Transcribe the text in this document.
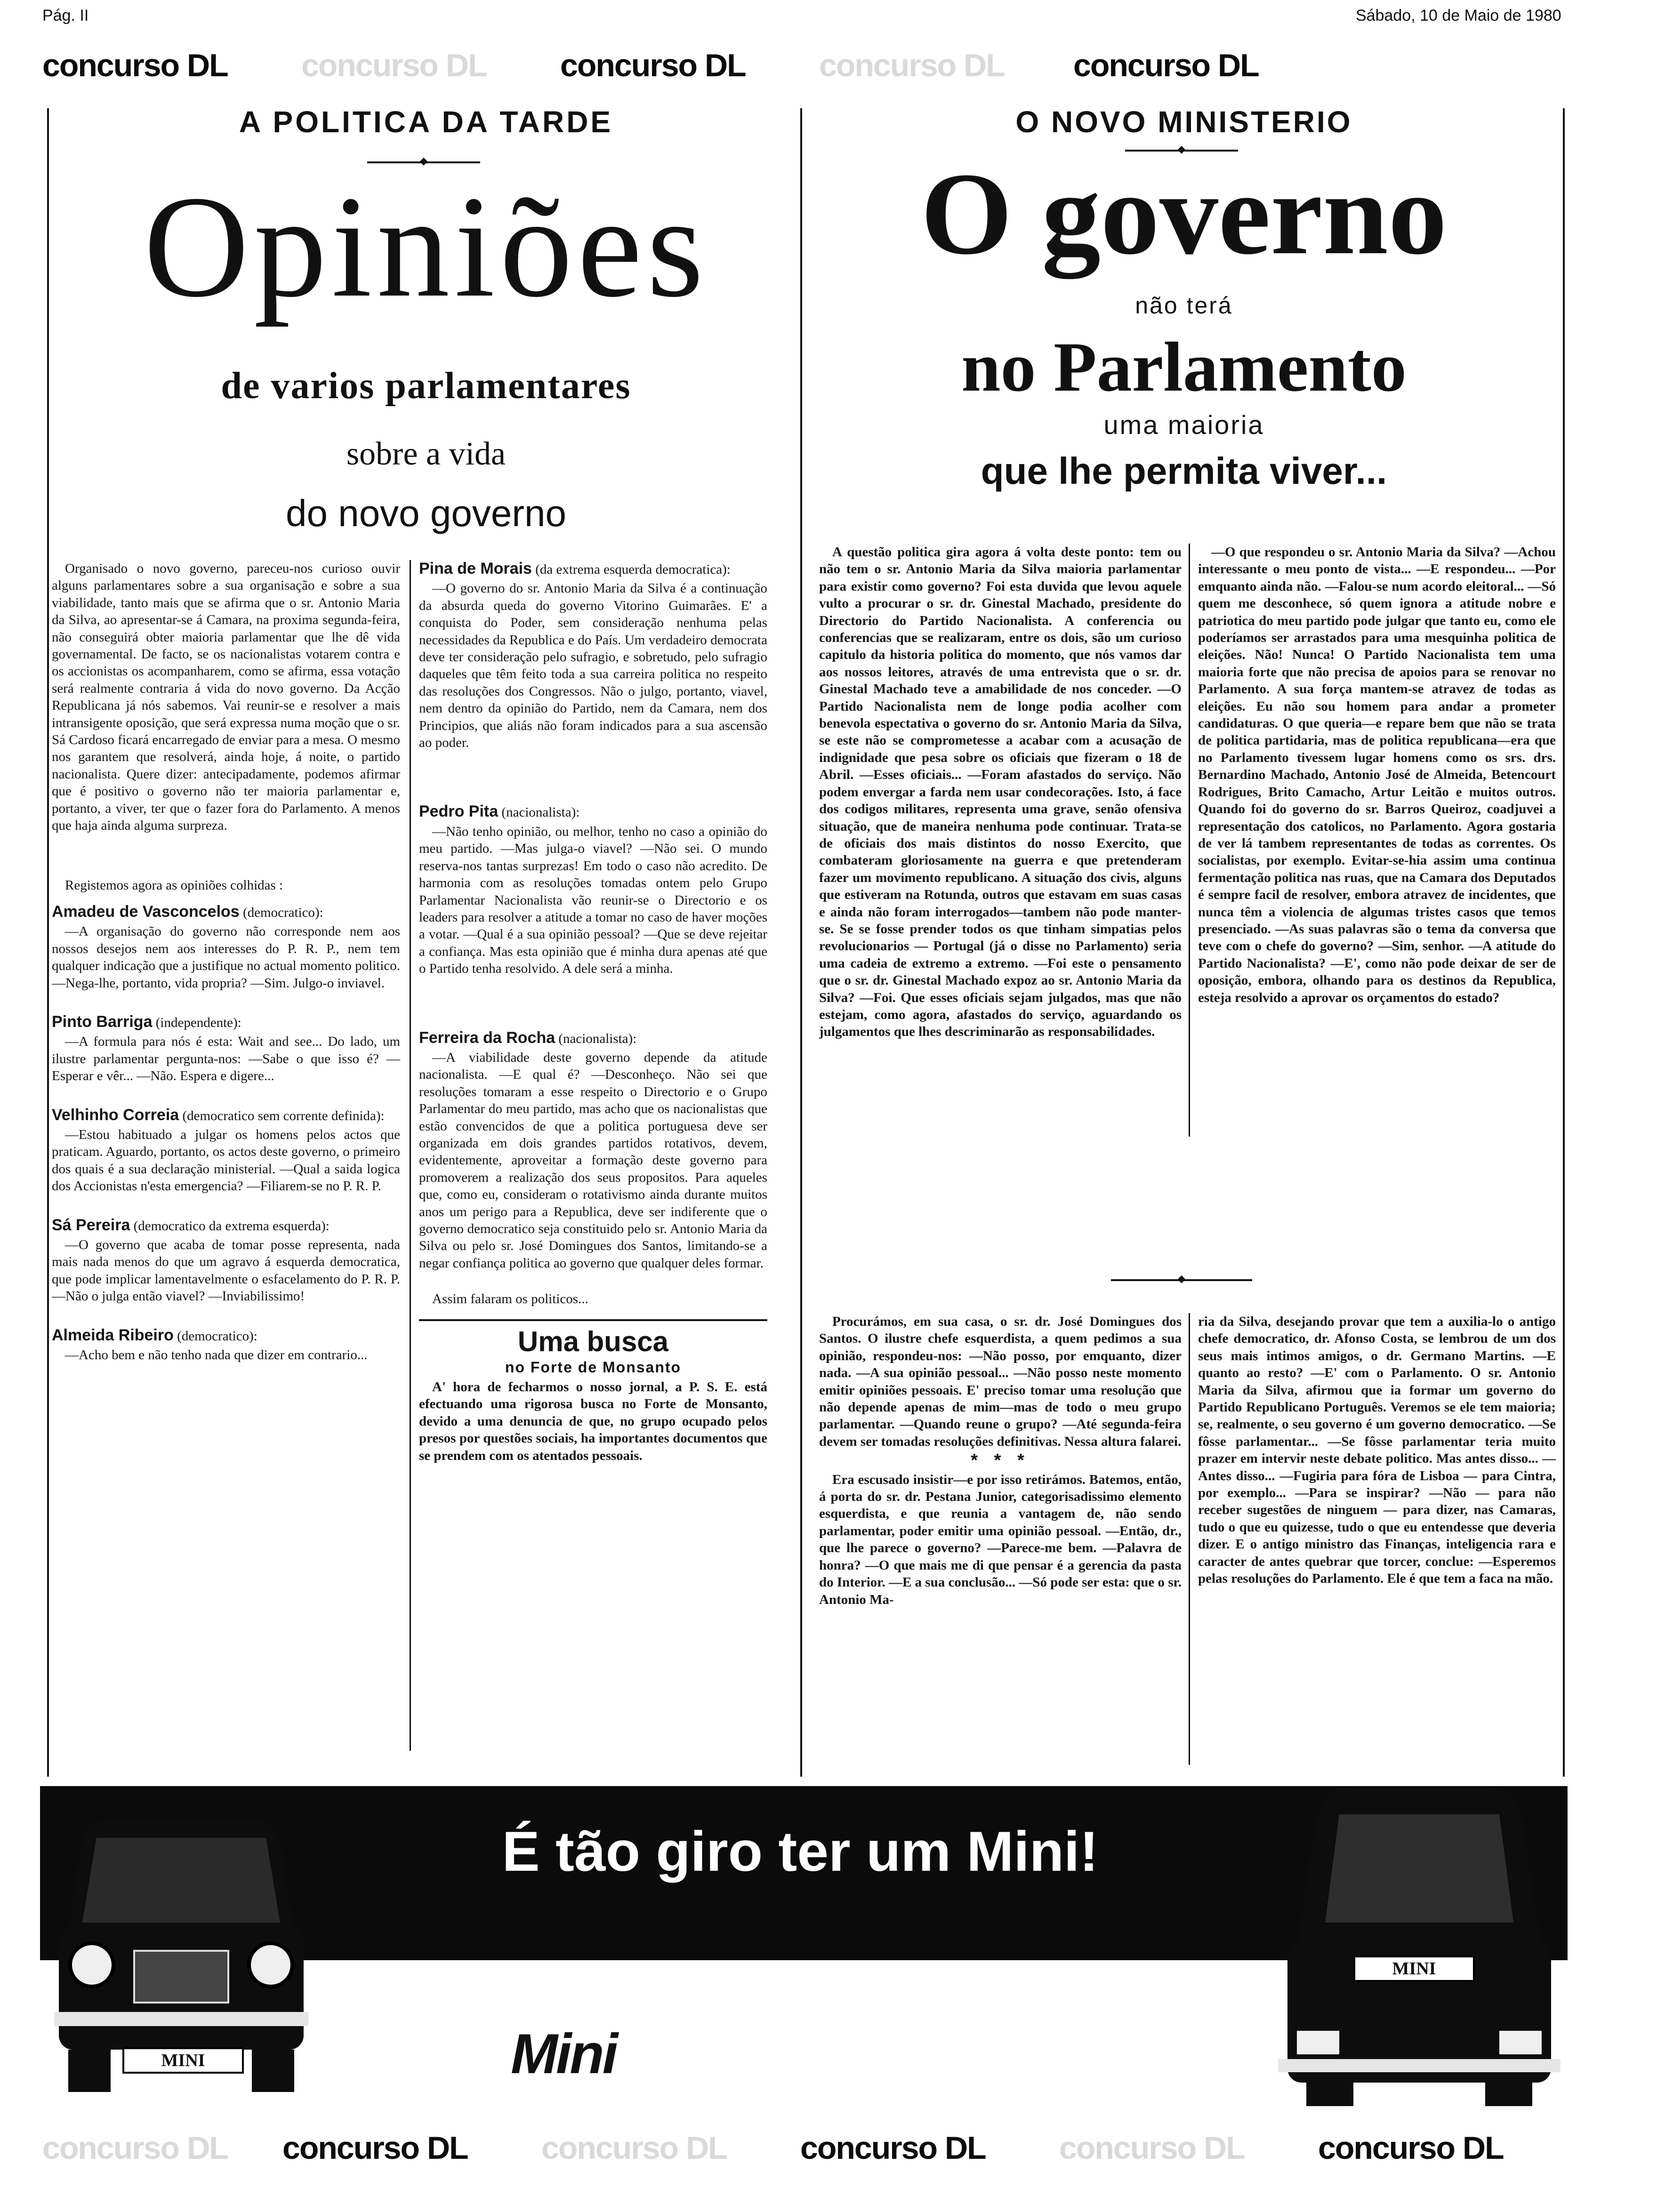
Pág. II	Sábado, 10 de Maio de 1980
concurso DL concurso DL concurso DL concurso DL concurso DL
A POLITICA DA TARDE
◆
Opiniões
de varios parlamentares
sobre a vida
do novo governo

Organisado o novo governo, pareceu-nos curioso ouvir alguns parlamentares sobre a sua organisação e sobre a sua viabilidade, tanto mais que se afirma que o sr. Antonio Maria da Silva, ao apresentar-se á Camara, na proxima segunda-feira, não conseguirá obter maioria parlamentar que lhe dê vida governamental. De facto, se os nacionalistas votarem contra e os accionistas os acompanharem, como se afirma, essa votação será realmente contraria á vida do novo governo. Da Acção Republicana já nós sabemos. Vai reunir-se e resolver a mais intransigente oposição, que será expressa numa moção que o sr. Sá Cardoso ficará encarregado de enviar para a mesa. O mesmo nos garantem que resolverá, ainda hoje, á noite, o partido nacionalista. Quere dizer: antecipadamente, podemos afirmar que é positivo o governo não ter maioria parlamentar e, portanto, a viver, ter que o fazer fora do Parlamento. A menos que haja ainda alguma surpreza.

Registemos agora as opiniões colhidas :

Amadeu de Vasconcelos (democratico):

—A organisação do governo não corresponde nem aos nossos desejos nem aos interesses do P. R. P., nem tem qualquer indicação que a justifique no actual momento politico. —Nega-lhe, portanto, vida propria? —Sim. Julgo-o inviavel.

Pinto Barriga (independente):

—A formula para nós é esta: Wait and see... Do lado, um ilustre parlamentar pergunta-nos: —Sabe o que isso é? —Esperar e vêr... —Não. Espera e digere...

Velhinho Correia (democratico sem corrente definida):

—Estou habituado a julgar os homens pelos actos que praticam. Aguardo, portanto, os actos deste governo, o primeiro dos quais é a sua declaração ministerial. —Qual a saida logica dos Accionistas n'esta emergencia? —Filiarem-se no P. R. P.

Sá Pereira (democratico da extrema esquerda):

—O governo que acaba de tomar posse representa, nada mais nada menos do que um agravo á esquerda democratica, que pode implicar lamentavelmente o esfacelamento do P. R. P. —Não o julga então viavel? —Inviabilissimo!

Almeida Ribeiro (democratico):

—Acho bem e não tenho nada que dizer em contrario...

Pina de Morais (da extrema esquerda democratica):

—O governo do sr. Antonio Maria da Silva é a continuação da absurda queda do governo Vitorino Guimarães. E' a conquista do Poder, sem consideração nenhuma pelas necessidades da Republica e do País. Um verdadeiro democrata deve ter consideração pelo sufragio, e sobretudo, pelo sufragio daqueles que têm feito toda a sua carreira politica no respeito das resoluções dos Congressos. Não o julgo, portanto, viavel, nem dentro da opinião do Partido, nem da Camara, nem dos Principios, que aliás não foram indicados para a sua ascensão ao poder.

Pedro Pita (nacionalista):

—Não tenho opinião, ou melhor, tenho no caso a opinião do meu partido. —Mas julga-o viavel? —Não sei. O mundo reserva-nos tantas surprezas! Em todo o caso não acredito. De harmonia com as resoluções tomadas ontem pelo Grupo Parlamentar Nacionalista vão reunir-se o Directorio e os leaders para resolver a atitude a tomar no caso de haver moções a votar. —Qual é a sua opinião pessoal? —Que se deve rejeitar a confiança. Mas esta opinião que é minha dura apenas até que o Partido tenha resolvido. A dele será a minha.

Ferreira da Rocha (nacionalista):

—A viabilidade deste governo depende da atitude nacionalista. —E qual é? —Desconheço. Não sei que resoluções tomaram a esse respeito o Directorio e o Grupo Parlamentar do meu partido, mas acho que os nacionalistas que estão convencidos de que a politica portuguesa deve ser organizada em dois grandes partidos rotativos, devem, evidentemente, aproveitar a formação deste governo para promoverem a realização dos seus propositos. Para aqueles que, como eu, consideram o rotativismo ainda durante muitos anos um perigo para a Republica, deve ser indiferente que o governo democratico seja constituido pelo sr. Antonio Maria da Silva ou pelo sr. José Domingues dos Santos, limitando-se a negar confiança politica ao governo que qualquer deles formar.

Assim falaram os politicos...

Uma busca
no Forte de Monsanto

A' hora de fecharmos o nosso jornal, a P. S. E. está efectuando uma rigorosa busca no Forte de Monsanto, devido a uma denuncia de que, no grupo ocupado pelos presos por questões sociais, ha importantes documentos que se prendem com os atentados pessoais.

O NOVO MINISTERIO
◆
O governo
não terá
no Parlamento
uma maioria
que lhe permita viver...

A questão politica gira agora á volta deste ponto: tem ou não tem o sr. Antonio Maria da Silva maioria parlamentar para existir como governo? Foi esta duvida que levou aquele vulto a procurar o sr. dr. Ginestal Machado, presidente do Directorio do Partido Nacionalista. A conferencia ou conferencias que se realizaram, entre os dois, são um curioso capitulo da historia politica do momento, que nós vamos dar aos nossos leitores, através de uma entrevista que o sr. dr. Ginestal Machado teve a amabilidade de nos conceder. —O Partido Nacionalista nem de longe podia acolher com benevola espectativa o governo do sr. Antonio Maria da Silva, se este não se comprometesse a acabar com a acusação de indignidade que pesa sobre os oficiais que fizeram o 18 de Abril. —Esses oficiais... —Foram afastados do serviço. Não podem envergar a farda nem usar condecorações. Isto, á face dos codigos militares, representa uma grave, senão ofensiva situação, que de maneira nenhuma pode continuar. Trata-se de oficiais dos mais distintos do nosso Exercito, que combateram gloriosamente na guerra e que pretenderam fazer um movimento republicano. A situação dos civis, alguns que estiveram na Rotunda, outros que estavam em suas casas e ainda não foram interrogados—tambem não pode manter-se. Se se fosse prender todos os que tinham simpatias pelos revolucionarios — Portugal (já o disse no Parlamento) seria uma cadeia de extremo a extremo. —Foi este o pensamento que o sr. dr. Ginestal Machado expoz ao sr. Antonio Maria da Silva? —Foi. Que esses oficiais sejam julgados, mas que não estejam, como agora, afastados do serviço, aguardando os julgamentos que lhes descriminarão as responsabilidades.

—O que respondeu o sr. Antonio Maria da Silva? —Achou interessante o meu ponto de vista... —E respondeu... —Por emquanto ainda não. —Falou-se num acordo eleitoral... —Só quem me desconhece, só quem ignora a atitude nobre e patriotica do meu partido pode julgar que tanto eu, como ele poderíamos ser arrastados para uma mesquinha politica de eleições. Não! Nunca! O Partido Nacionalista tem uma maioria forte que não precisa de apoios para se renovar no Parlamento. A sua força mantem-se atravez de todas as eleições. Eu não sou homem para andar a prometer candidaturas. O que queria—e repare bem que não se trata de politica partidaria, mas de politica republicana—era que no Parlamento tivessem lugar homens como os srs. drs. Bernardino Machado, Antonio José de Almeida, Betencourt Rodrigues, Brito Camacho, Artur Leitão e muitos outros. Quando foi do governo do sr. Barros Queiroz, coadjuvei a representação dos catolicos, no Parlamento. Agora gostaria de ver lá tambem representantes de todas as correntes. Os socialistas, por exemplo. Evitar-se-hia assim uma continua fermentação politica nas ruas, que na Camara dos Deputados é sempre facil de resolver, embora atravez de incidentes, que nunca têm a violencia de algumas tristes casos que temos presenciado. —As suas palavras são o tema da conversa que teve com o chefe do governo? —Sim, senhor. —A atitude do Partido Nacionalista? —E', como não pode deixar de ser de oposição, embora, olhando para os destinos da Republica, esteja resolvido a aprovar os orçamentos do estado?

◆

Procurámos, em sua casa, o sr. dr. José Domingues dos Santos. O ilustre chefe esquerdista, a quem pedimos a sua opinião, respondeu-nos: —Não posso, por emquanto, dizer nada. —A sua opinião pessoal... —Não posso neste momento emitir opiniões pessoais. E' preciso tomar uma resolução que não depende apenas de mim—mas de todo o meu grupo parlamentar. —Quando reune o grupo? —Até segunda-feira devem ser tomadas resoluções definitivas. Nessa altura falarei.

* * *

Era escusado insistir—e por isso retirámos. Batemos, então, á porta do sr. dr. Pestana Junior, categorisadissimo elemento esquerdista, e que reunia a vantagem de, não sendo parlamentar, poder emitir uma opinião pessoal. —Então, dr., que lhe parece o governo? —Parece-me bem. —Palavra de honra? —O que mais me di que pensar é a gerencia da pasta do Interior. —E a sua conclusão... —Só pode ser esta: que o sr. Antonio Ma-

ria da Silva, desejando provar que tem a auxilia-lo o antigo chefe democratico, dr. Afonso Costa, se lembrou de um dos seus mais intimos amigos, o dr. Germano Martins. —E quanto ao resto? —E' com o Parlamento. O sr. Antonio Maria da Silva, afirmou que ia formar um governo do Partido Republicano Português. Veremos se ele tem maioria; se, realmente, o seu governo é um governo democratico. —Se fôsse parlamentar... —Se fôsse parlamentar teria muito prazer em intervir neste debate politico. Mas antes disso... —Antes disso... —Fugiria para fóra de Lisboa — para Cintra, por exemplo... —Para se inspirar? —Não — para não receber sugestões de ninguem — para dizer, nas Camaras, tudo o que eu quizesse, tudo o que eu entendesse que deveria dizer. E o antigo ministro das Finanças, inteligencia rara e caracter de antes quebrar que torcer, conclue: —Esperemos pelas resoluções do Parlamento. Ele é que tem a faca na mão.

É tão giro ter um Mini!
Mini
MINI
MINI
concurso DL concurso DL concurso DL concurso DL concurso DL concurso DL
